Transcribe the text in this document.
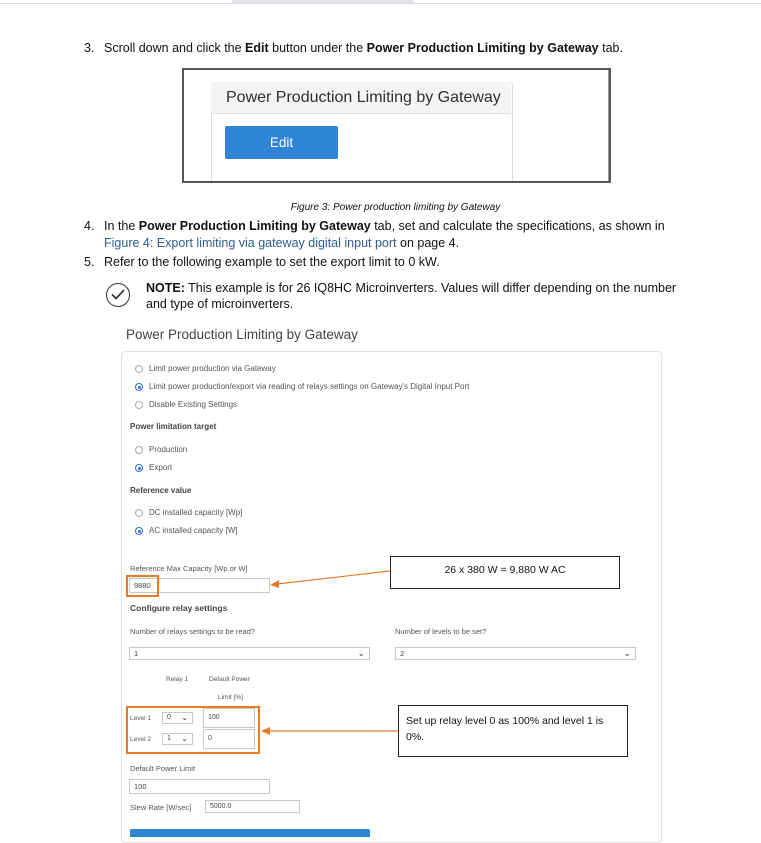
3. Scroll down and click the Edit button under the Power Production Limiting by Gateway tab.
Power Production Limiting by Gateway
Edit
Figure 3: Power production limiting by Gateway
4. In the Power Production Limiting by Gateway tab, set and calculate the specifications, as shown in
Figure 4: Export limiting via gateway digital input port on page 4.
5. Refer to the following example to set the export limit to 0 kW.
NOTE: This example is for 26 IQ8HC Microinverters. Values will differ depending on the number and type of microinverters.
Power Production Limiting by Gateway
Limit power production via Gateway
Limit power production/export via reading of relays settings on Gateway's Digital Input Port
Disable Existing Settings
Power limitation target
Production
Export
Reference value
DC installed capacity [Wp]
AC installed capacity [W]
Reference Max Capacity [Wp or W]
9880
Configure relay settings
Number of relays settings to be read?
1	⌄
Number of levels to be set?
2	⌄
Relay 1	Default Power
Limit [%]
Level 1	0 ⌄	100
Level 2	1 ⌄	0
Default Power Limit
100
Slew Rate [W/sec]	5000.0
26 x 380 W = 9,880 W AC
Set up relay level 0 as 100% and level 1 is 0%.
